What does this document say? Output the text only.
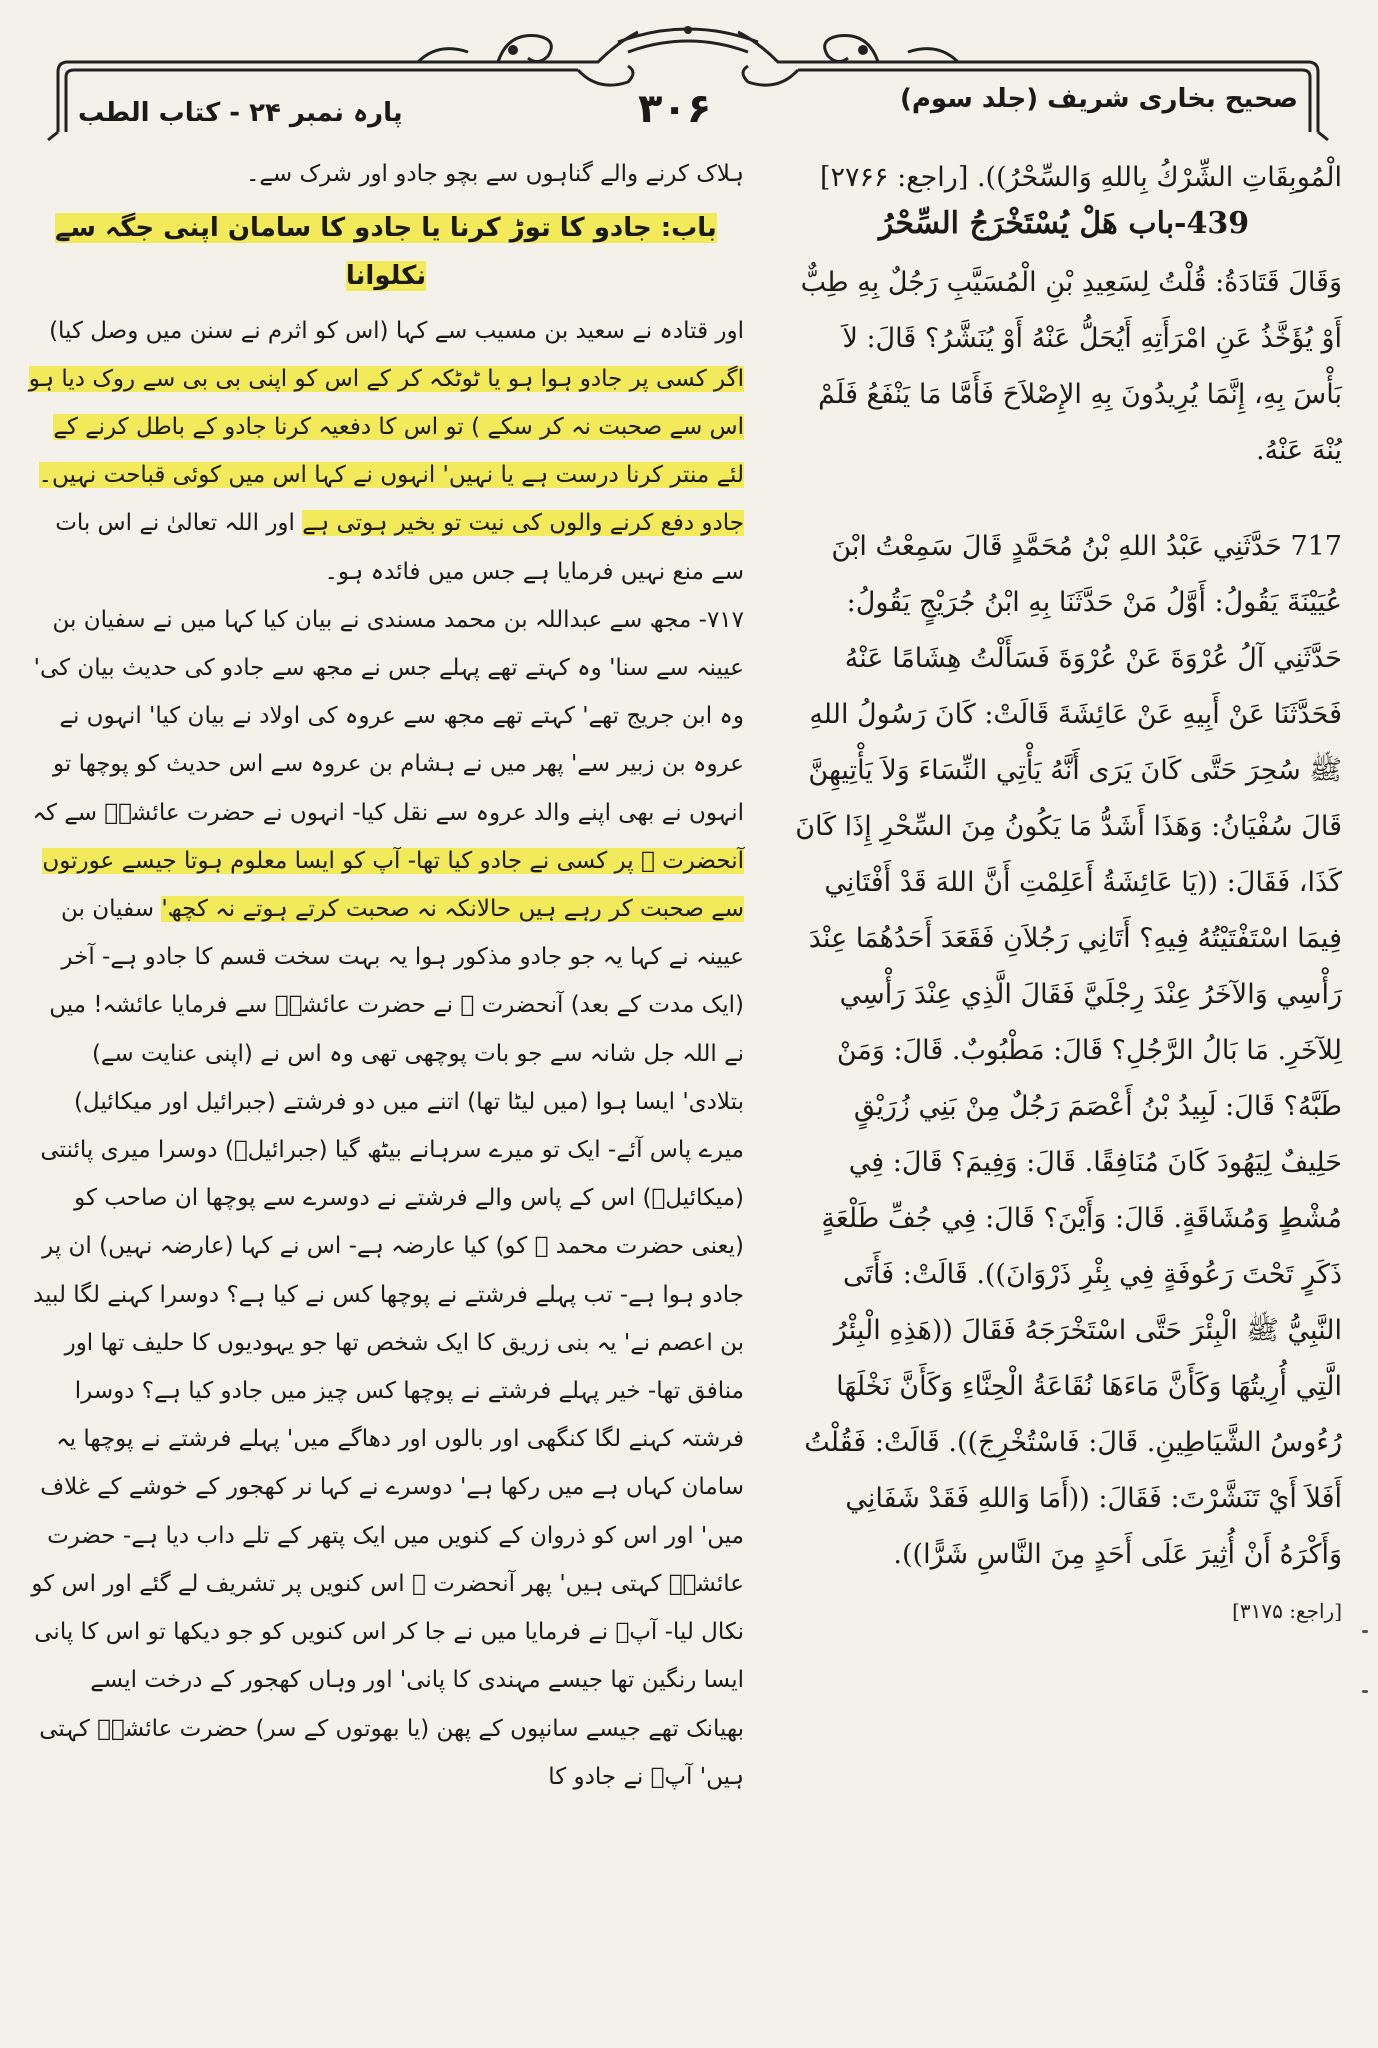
پارہ نمبر ۲۴ - کتاب الطب	۳۰۶	صحیح بخاری شریف (جلد سوم)

الْمُوبِقَاتِ الشِّرْكُ بِاللهِ وَالسِّحْرُ)). [راجع: ۲۷۶۶]

439-باب هَلْ يُسْتَخْرَجُ السِّحْرُ

وَقَالَ قَتَادَةُ: قُلْتُ لِسَعِيدِ بْنِ الْمُسَيَّبِ رَجُلٌ بِهِ طِبٌّ أَوْ يُؤَخَّذُ عَنِ امْرَأَتِهِ أَيُحَلُّ عَنْهُ أَوْ يُنَشَّرُ؟ قَالَ: لاَ بَأْسَ بِهِ، إِنَّمَا يُرِيدُونَ بِهِ الإِصْلاَحَ فَأَمَّا مَا يَنْفَعُ فَلَمْ يُنْهَ عَنْهُ.

717 حَدَّثَنِي عَبْدُ اللهِ بْنُ مُحَمَّدٍ قَالَ سَمِعْتُ ابْنَ عُيَيْنَةَ يَقُولُ: أَوَّلُ مَنْ حَدَّثَنَا بِهِ ابْنُ جُرَيْجٍ يَقُولُ: حَدَّثَنِي آلُ عُرْوَةَ عَنْ عُرْوَةَ فَسَأَلْتُ هِشَامًا عَنْهُ فَحَدَّثَنَا عَنْ أَبِيهِ عَنْ عَائِشَةَ قَالَتْ: كَانَ رَسُولُ اللهِ ﷺ سُحِرَ حَتَّى كَانَ يَرَى أَنَّهُ يَأْتِي النِّسَاءَ وَلاَ يَأْتِيهِنَّ قَالَ سُفْيَانُ: وَهَذَا أَشَدُّ مَا يَكُونُ مِنَ السِّحْرِ إِذَا كَانَ كَذَا، فَقَالَ: ((يَا عَائِشَةُ أَعَلِمْتِ أَنَّ اللهَ قَدْ أَفْتَانِي فِيمَا اسْتَفْتَيْتُهُ فِيهِ؟ أَتَانِي رَجُلاَنِ فَقَعَدَ أَحَدُهُمَا عِنْدَ رَأْسِي وَالآخَرُ عِنْدَ رِجْلَيَّ فَقَالَ الَّذِي عِنْدَ رَأْسِي لِلآخَرِ. مَا بَالُ الرَّجُلِ؟ قَالَ: مَطْبُوبٌ. قَالَ: وَمَنْ طَبَّهُ؟ قَالَ: لَبِيدُ بْنُ أَعْصَمَ رَجُلٌ مِنْ بَنِي زُرَيْقٍ حَلِيفٌ لِيَهُودَ كَانَ مُنَافِقًا. قَالَ: وَفِيمَ؟ قَالَ: فِي مُشْطٍ وَمُشَاقَةٍ. قَالَ: وَأَيْنَ؟ قَالَ: فِي جُفِّ طَلْعَةٍ ذَكَرٍ تَحْتَ رَعُوفَةٍ فِي بِئْرِ ذَرْوَانَ)). قَالَتْ: فَأَتَى النَّبِيُّ ﷺ الْبِئْرَ حَتَّى اسْتَخْرَجَهُ فَقَالَ ((هَذِهِ الْبِئْرُ الَّتِي أُرِيتُهَا وَكَأَنَّ مَاءَهَا نُقَاعَةُ الْحِنَّاءِ وَكَأَنَّ نَخْلَهَا رُءُوسُ الشَّيَاطِينِ. قَالَ: فَاسْتُخْرِجَ)). قَالَتْ: فَقُلْتُ أَفَلاَ أَيْ تَنَشَّرْتَ: فَقَالَ: ((أَمَا وَاللهِ فَقَدْ شَفَانِي وَأَكْرَهُ أَنْ أُثِيرَ عَلَى أَحَدٍ مِنَ النَّاسِ شَرًّا)).

[راجع: ۳۱۷۵]

ہلاک کرنے والے گناہوں سے بچو جادو اور شرک سے۔

باب: جادو کا توڑ کرنا یا جادو کا سامان اپنی جگہ سے نکلوانا

اور قتادہ نے سعید بن مسیب سے کہا (اس کو اثرم نے سنن میں وصل کیا) اگر کسی پر جادو ہوا ہو یا ٹوٹکہ کر کے اس کو اپنی بی بی سے روک دیا ہو اس سے صحبت نہ کر سکے ) تو اس کا دفعیہ کرنا جادو کے باطل کرنے کے لئے منتر کرنا درست ہے یا نہیں' انہوں نے کہا اس میں کوئی قباحت نہیں۔ جادو دفع کرنے والوں کی نیت تو بخیر ہوتی ہے اور اللہ تعالیٰ نے اس بات سے منع نہیں فرمایا ہے جس میں فائدہ ہو۔

۷۱۷- مجھ سے عبداللہ بن محمد مسندی نے بیان کیا کہا میں نے سفیان بن عیینہ سے سنا' وہ کہتے تھے پہلے جس نے مجھ سے جادو کی حدیث بیان کی' وہ ابن جریج تھے' کہتے تھے مجھ سے عروہ کی اولاد نے بیان کیا' انہوں نے عروہ بن زبیر سے' پھر میں نے ہشام بن عروہ سے اس حدیث کو پوچھا تو انہوں نے بھی اپنے والد عروہ سے نقل کیا- انہوں نے حضرت عائشہؓ سے کہ آنحضرت ﷺ پر کسی نے جادو کیا تھا- آپ کو ایسا معلوم ہوتا جیسے عورتوں سے صحبت کر رہے ہیں حالانکہ نہ صحبت کرتے ہوتے نہ کچھ' سفیان بن عیینہ نے کہا یہ جو جادو مذکور ہوا یہ بہت سخت قسم کا جادو ہے- آخر (ایک مدت کے بعد) آنحضرت ﷺ نے حضرت عائشہؓ سے فرمایا عائشہ! میں نے اللہ جل شانہ سے جو بات پوچھی تھی وہ اس نے (اپنی عنایت سے) بتلادی' ایسا ہوا (میں لیٹا تھا) اتنے میں دو فرشتے (جبرائیل اور میکائیل) میرے پاس آئے- ایک تو میرے سرہانے بیٹھ گیا (جبرائیلؑ) دوسرا میری پائنتی (میکائیلؑ) اس کے پاس والے فرشتے نے دوسرے سے پوچھا ان صاحب کو (یعنی حضرت محمد ﷺ کو) کیا عارضہ ہے- اس نے کہا (عارضہ نہیں) ان پر جادو ہوا ہے- تب پہلے فرشتے نے پوچھا کس نے کیا ہے؟ دوسرا کہنے لگا لبید بن اعصم نے' یہ بنی زریق کا ایک شخص تھا جو یہودیوں کا حلیف تھا اور منافق تھا- خیر پہلے فرشتے نے پوچھا کس چیز میں جادو کیا ہے؟ دوسرا فرشتہ کہنے لگا کنگھی اور بالوں اور دھاگے میں' پہلے فرشتے نے پوچھا یہ سامان کہاں ہے میں رکھا ہے' دوسرے نے کہا نر کھجور کے خوشے کے غلاف میں' اور اس کو ذروان کے کنویں میں ایک پتھر کے تلے داب دیا ہے- حضرت عائشہؓ کہتی ہیں' پھر آنحضرت ﷺ اس کنویں پر تشریف لے گئے اور اس کو نکال لیا- آپؐ نے فرمایا میں نے جا کر اس کنویں کو جو دیکھا تو اس کا پانی ایسا رنگین تھا جیسے مہندی کا پانی' اور وہاں کھجور کے درخت ایسے بھیانک تھے جیسے سانپوں کے پھن (یا بھوتوں کے سر) حضرت عائشہؓ کہتی ہیں' آپؐ نے جادو کا
